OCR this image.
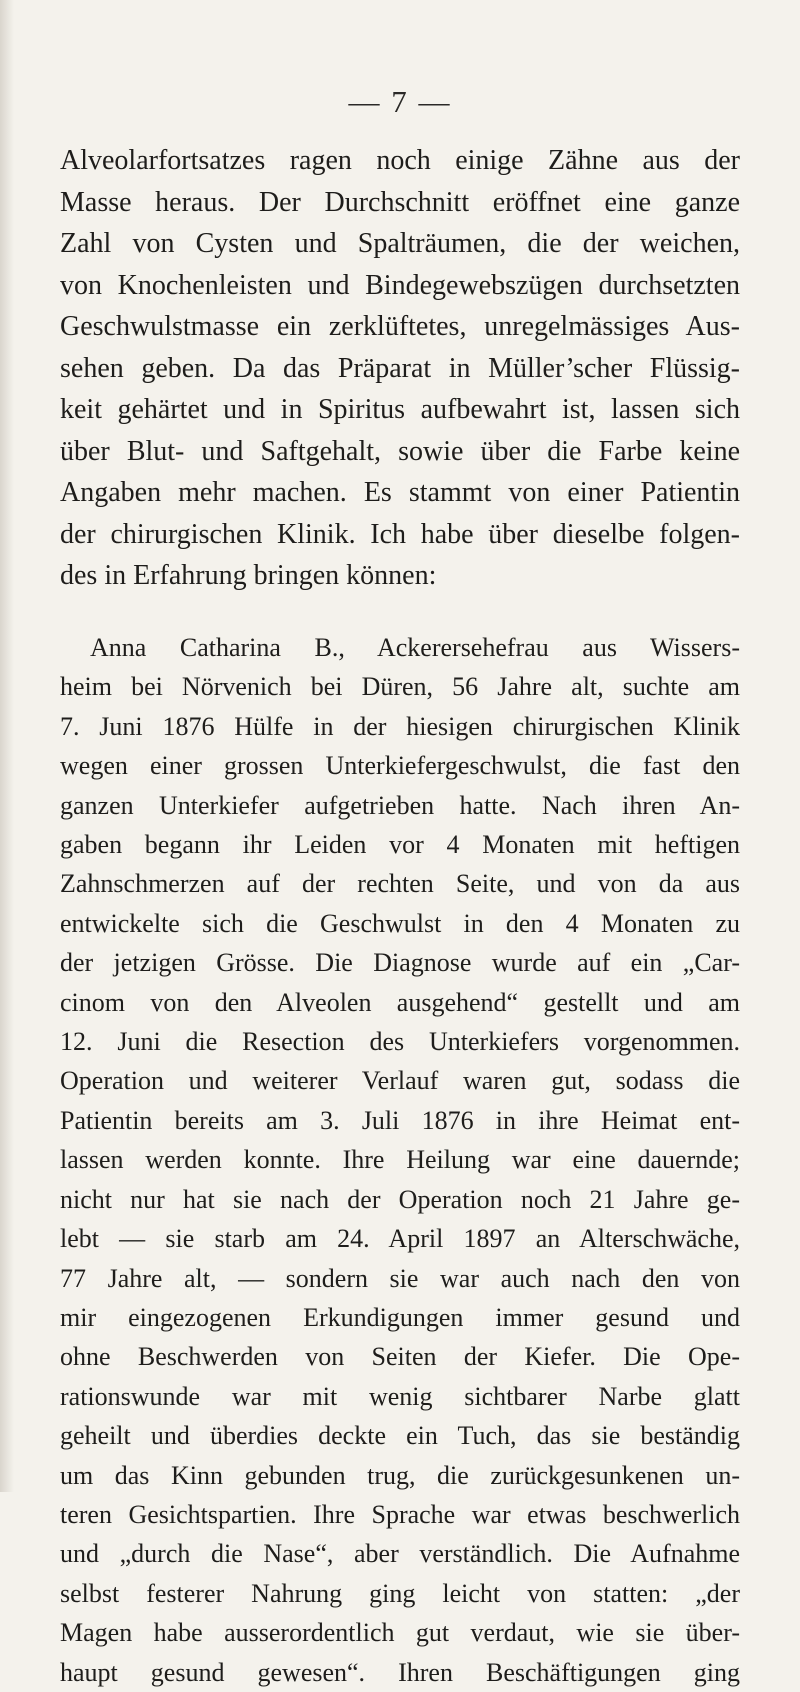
— 7 —
Alveolarfortsatzes ragen noch einige Zähne aus der
Masse heraus. Der Durchschnitt eröffnet eine ganze
Zahl von Cysten und Spalträumen, die der weichen,
von Knochenleisten und Bindegewebszügen durchsetzten
Geschwulstmasse ein zerklüftetes, unregelmässiges Aus-
sehen geben. Da das Präparat in Müller’scher Flüssig-
keit gehärtet und in Spiritus aufbewahrt ist, lassen sich
über Blut- und Saftgehalt, sowie über die Farbe keine
Angaben mehr machen. Es stammt von einer Patientin
der chirurgischen Klinik. Ich habe über dieselbe folgen-
des in Erfahrung bringen können:
Anna Catharina B., Ackerersehefrau aus Wissers-
heim bei Nörvenich bei Düren, 56 Jahre alt, suchte am
7. Juni 1876 Hülfe in der hiesigen chirurgischen Klinik
wegen einer grossen Unterkiefergeschwulst, die fast den
ganzen Unterkiefer aufgetrieben hatte. Nach ihren An-
gaben begann ihr Leiden vor 4 Monaten mit heftigen
Zahnschmerzen auf der rechten Seite, und von da aus
entwickelte sich die Geschwulst in den 4 Monaten zu
der jetzigen Grösse. Die Diagnose wurde auf ein „Car-
cinom von den Alveolen ausgehend“ gestellt und am
12. Juni die Resection des Unterkiefers vorgenommen.
Operation und weiterer Verlauf waren gut, sodass die
Patientin bereits am 3. Juli 1876 in ihre Heimat ent-
lassen werden konnte. Ihre Heilung war eine dauernde;
nicht nur hat sie nach der Operation noch 21 Jahre ge-
lebt — sie starb am 24. April 1897 an Alterschwäche,
77 Jahre alt, — sondern sie war auch nach den von
mir eingezogenen Erkundigungen immer gesund und
ohne Beschwerden von Seiten der Kiefer. Die Ope-
rationswunde war mit wenig sichtbarer Narbe glatt
geheilt und überdies deckte ein Tuch, das sie beständig
um das Kinn gebunden trug, die zurückgesunkenen un-
teren Gesichtspartien. Ihre Sprache war etwas beschwerlich
und „durch die Nase“, aber verständlich. Die Aufnahme
selbst festerer Nahrung ging leicht von statten: „der
Magen habe ausserordentlich gut verdaut, wie sie über-
haupt gesund gewesen“. Ihren Beschäftigungen ging
